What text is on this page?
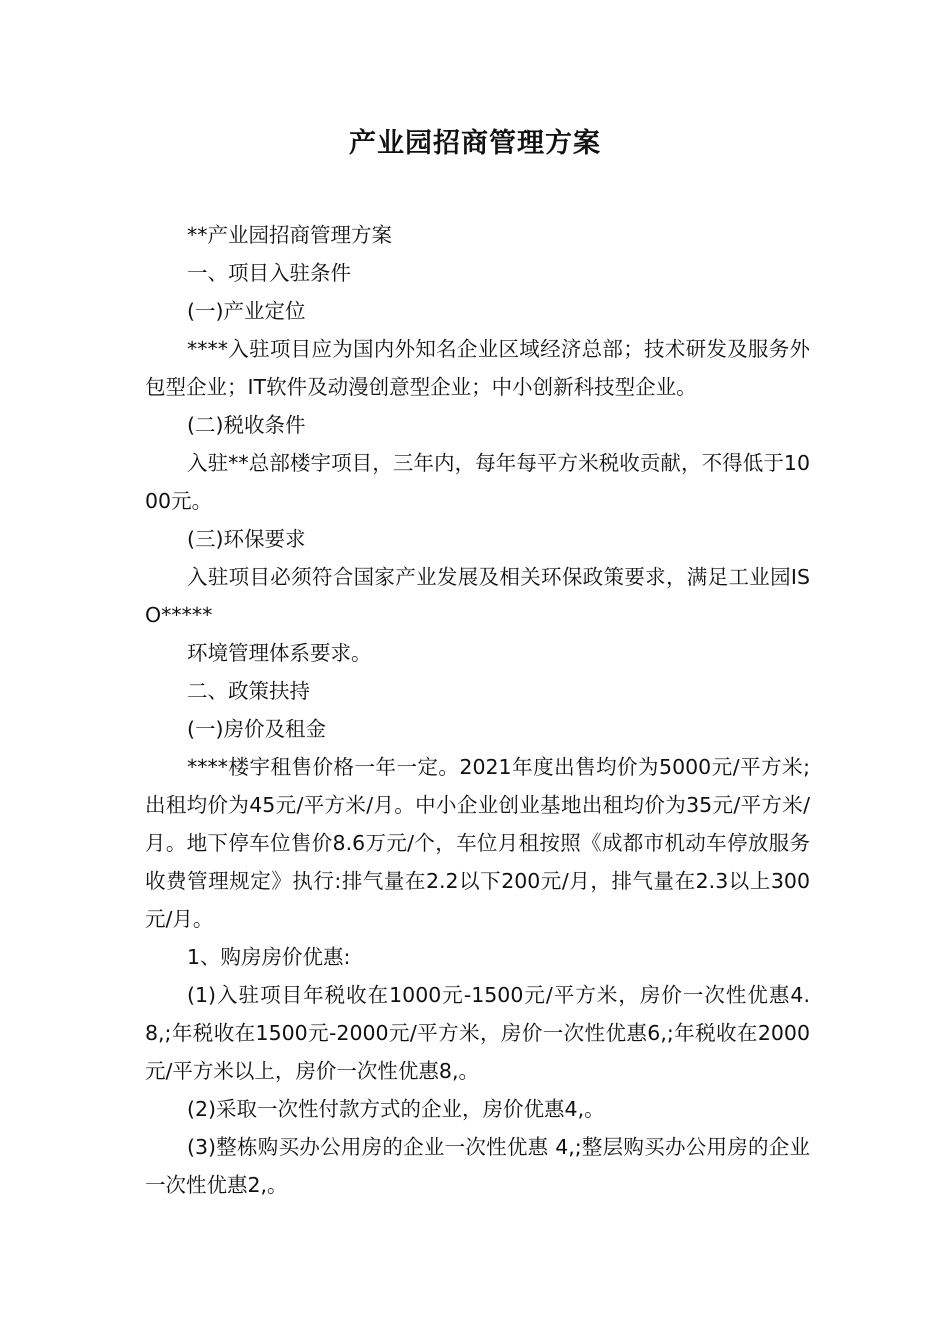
产业园招商管理方案

**产业园招商管理方案

一、项目入驻条件

(一)产业定位

****入驻项目应为国内外知名企业区域经济总部；技术研发及服务外包型企业；IT软件及动漫创意型企业；中小创新科技型企业。

(二)税收条件

入驻**总部楼宇项目，三年内，每年每平方米税收贡献，不得低于1000元。

(三)环保要求

入驻项目必须符合国家产业发展及相关环保政策要求，满足工业园ISO*****

环境管理体系要求。

二、政策扶持

(一)房价及租金

****楼宇租售价格一年一定。2021年度出售均价为5000元/平方米;出租均价为45元/平方米/月。中小企业创业基地出租均价为35元/平方米/月。地下停车位售价8.6万元/个，车位月租按照《成都市机动车停放服务收费管理规定》执行:排气量在2.2以下200元/月，排气量在2.3以上300元/月。

1、购房房价优惠:

(1)入驻项目年税收在1000元-1500元/平方米，房价一次性优惠4.8,;年税收在1500元-2000元/平方米，房价一次性优惠6,;年税收在2000元/平方米以上，房价一次性优惠8,。

(2)采取一次性付款方式的企业，房价优惠4,。

(3)整栋购买办公用房的企业一次性优惠 4,;整层购买办公用房的企业一次性优惠2,。
